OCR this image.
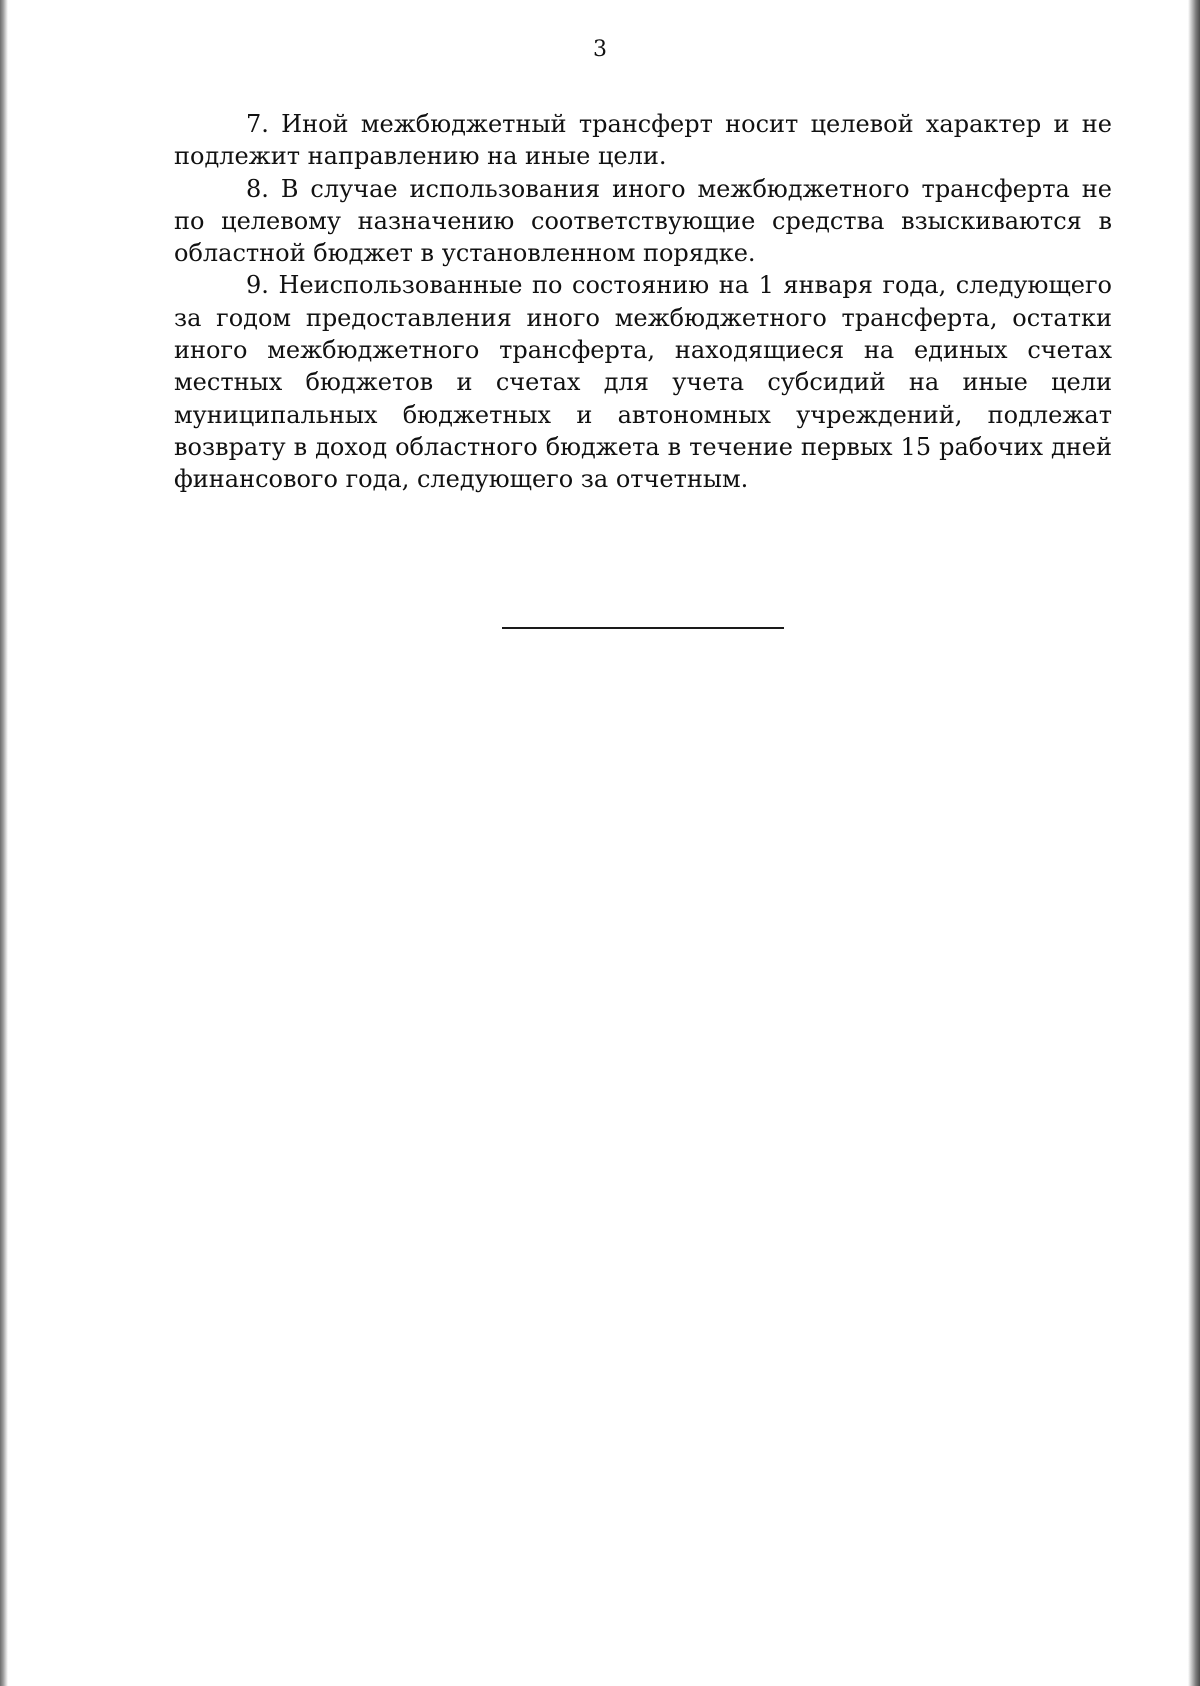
3

7. Иной межбюджетный трансферт носит целевой характер и не подлежит направлению на иные цели.

8. В случае использования иного межбюджетного трансферта не по целевому назначению соответствующие средства взыскиваются в областной бюджет в установленном порядке.

9. Неиспользованные по состоянию на 1 января года, следующего за годом предоставления иного межбюджетного трансферта, остатки иного межбюджетного трансферта, находящиеся на единых счетах местных бюджетов и счетах для учета субсидий на иные цели муниципальных бюджетных и автономных учреждений, подлежат возврату в доход областного бюджета в течение первых 15 рабочих дней финансового года, следующего за отчетным.
